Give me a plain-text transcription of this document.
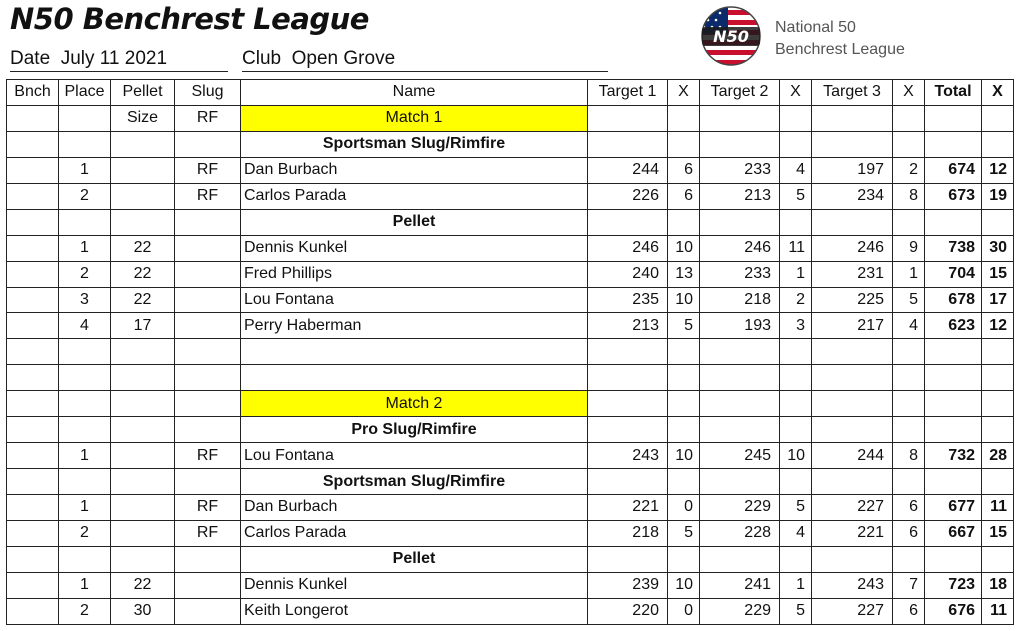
N50 Benchrest League
Date July 11 2021	Club Open Grove
N50 National 50
Benchrest League
Bnch	Place	Pellet	Slug	Name	Target 1	X	Target 2	X	Target 3	X	Total	X
		Size	RF	Match 1								
				Sportsman Slug/Rimfire								
	1		RF	Dan Burbach	244	6	233	4	197	2	674	12
	2		RF	Carlos Parada	226	6	213	5	234	8	673	19
				Pellet								
	1	22		Dennis Kunkel	246	10	246	11	246	9	738	30
	2	22		Fred Phillips	240	13	233	1	231	1	704	15
	3	22		Lou Fontana	235	10	218	2	225	5	678	17
	4	17		Perry Haberman	213	5	193	3	217	4	623	12

				Match 2								
				Pro Slug/Rimfire								
	1		RF	Lou Fontana	243	10	245	10	244	8	732	28
				Sportsman Slug/Rimfire								
	1		RF	Dan Burbach	221	0	229	5	227	6	677	11
	2		RF	Carlos Parada	218	5	228	4	221	6	667	15
				Pellet								
	1	22		Dennis Kunkel	239	10	241	1	243	7	723	18
	2	30		Keith Longerot	220	0	229	5	227	6	676	11
